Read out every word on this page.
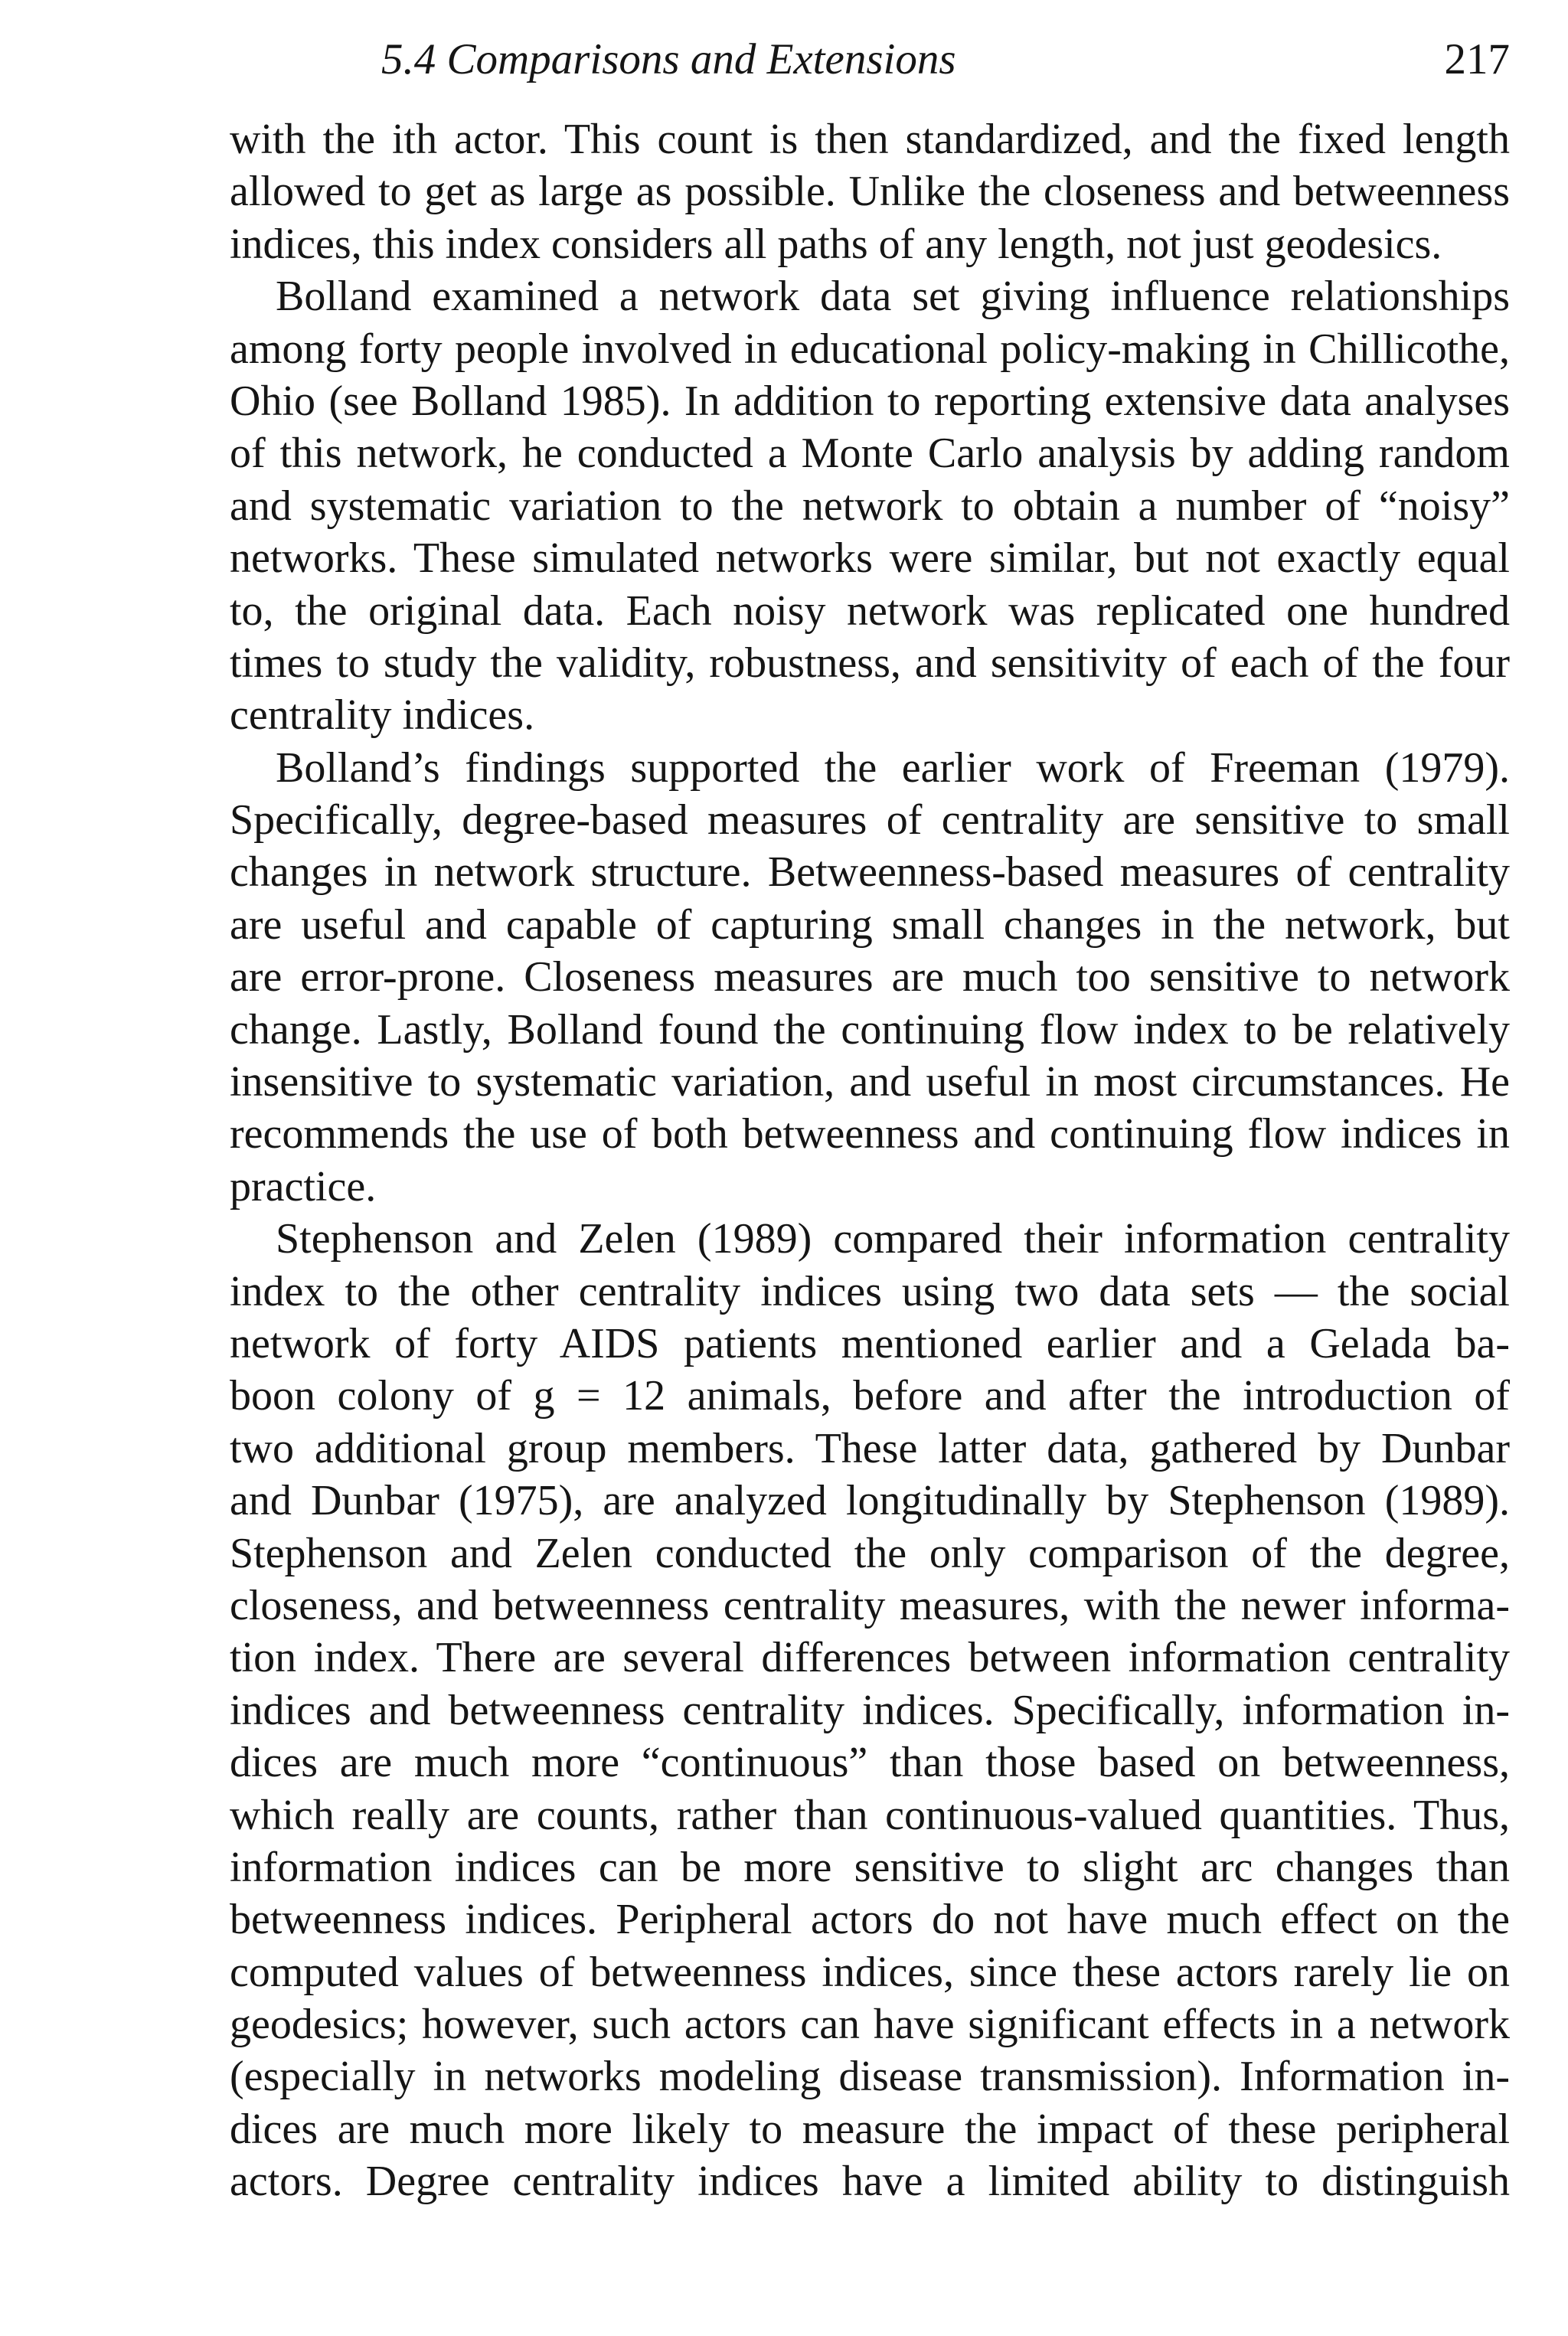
5.4 Comparisons and Extensions	217
with the ith actor. This count is then standardized, and the fixed length
allowed to get as large as possible. Unlike the closeness and betweenness
indices, this index considers all paths of any length, not just geodesics.
Bolland examined a network data set giving influence relationships
among forty people involved in educational policy-making in Chillicothe,
Ohio (see Bolland 1985). In addition to reporting extensive data analyses
of this network, he conducted a Monte Carlo analysis by adding random
and systematic variation to the network to obtain a number of “noisy”
networks. These simulated networks were similar, but not exactly equal
to, the original data. Each noisy network was replicated one hundred
times to study the validity, robustness, and sensitivity of each of the four
centrality indices.
Bolland’s findings supported the earlier work of Freeman (1979).
Specifically, degree-based measures of centrality are sensitive to small
changes in network structure. Betweenness-based measures of centrality
are useful and capable of capturing small changes in the network, but
are error-prone. Closeness measures are much too sensitive to network
change. Lastly, Bolland found the continuing flow index to be relatively
insensitive to systematic variation, and useful in most circumstances. He
recommends the use of both betweenness and continuing flow indices in
practice.
Stephenson and Zelen (1989) compared their information centrality
index to the other centrality indices using two data sets — the social
network of forty AIDS patients mentioned earlier and a Gelada ba-
boon colony of g = 12 animals, before and after the introduction of
two additional group members. These latter data, gathered by Dunbar
and Dunbar (1975), are analyzed longitudinally by Stephenson (1989).
Stephenson and Zelen conducted the only comparison of the degree,
closeness, and betweenness centrality measures, with the newer informa-
tion index. There are several differences between information centrality
indices and betweenness centrality indices. Specifically, information in-
dices are much more “continuous” than those based on betweenness,
which really are counts, rather than continuous-valued quantities. Thus,
information indices can be more sensitive to slight arc changes than
betweenness indices. Peripheral actors do not have much effect on the
computed values of betweenness indices, since these actors rarely lie on
geodesics; however, such actors can have significant effects in a network
(especially in networks modeling disease transmission). Information in-
dices are much more likely to measure the impact of these peripheral
actors. Degree centrality indices have a limited ability to distinguish
